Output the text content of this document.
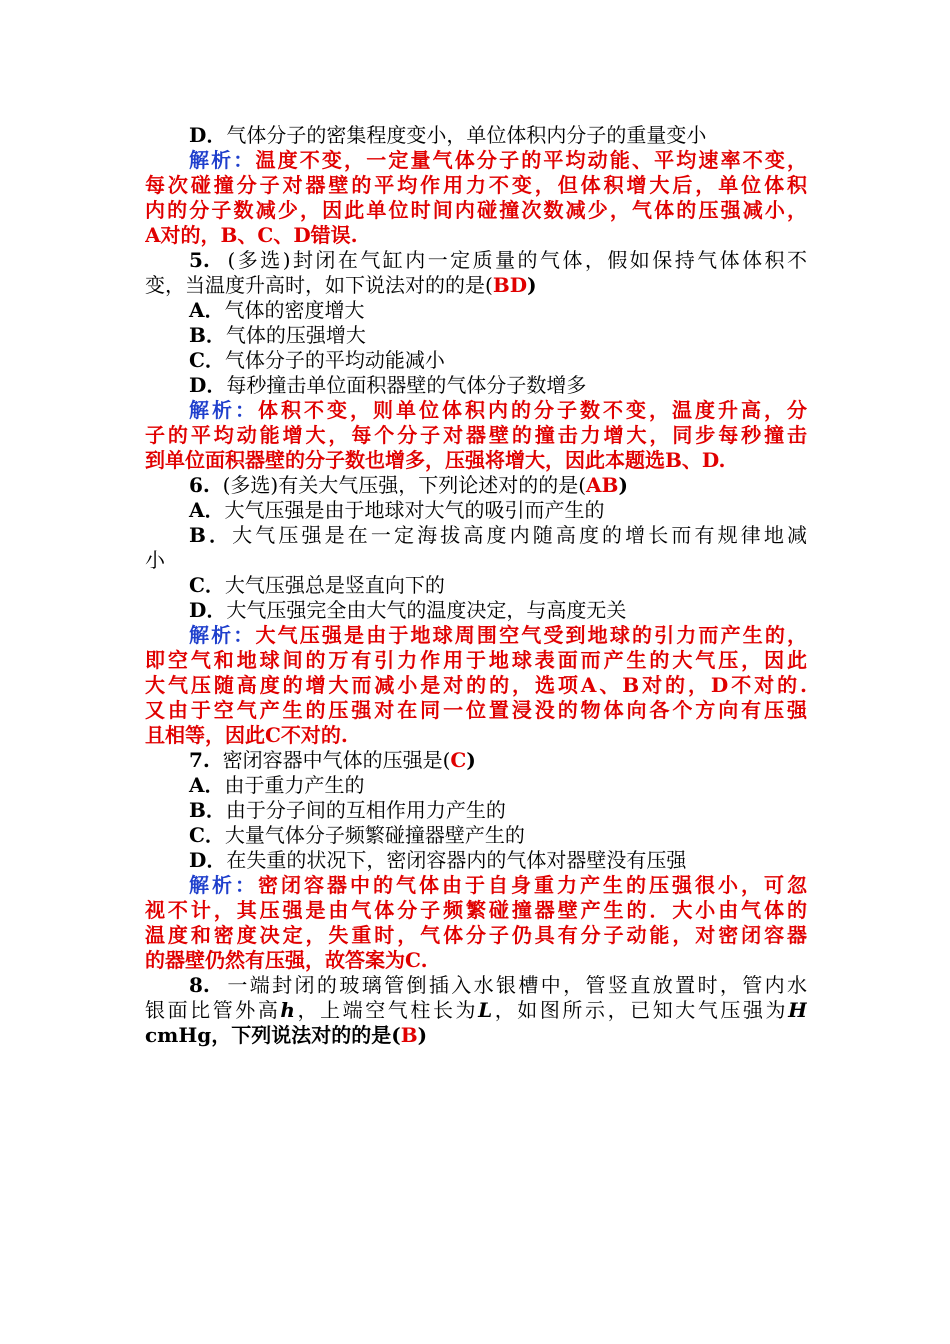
D．气体分子的密集程度变小，单位体积内分子的重量变小
解析：温度不变，一定量气体分子的平均动能、平均速率不变，
每次碰撞分子对器壁的平均作用力不变，但体积增大后，单位体积
内的分子数减少，因此单位时间内碰撞次数减少，气体的压强减小，
A对的，B、C、D错误.
5. (多选)封闭在气缸内一定质量的气体，假如保持气体体积不
变，当温度升高时，如下说法对的的是(BD)
A．气体的密度增大
B．气体的压强增大
C．气体分子的平均动能减小
D．每秒撞击单位面积器壁的气体分子数增多
解析：体积不变，则单位体积内的分子数不变，温度升高，分
子的平均动能增大，每个分子对器壁的撞击力增大，同步每秒撞击
到单位面积器壁的分子数也增多，压强将增大，因此本题选B、D.
6. (多选)有关大气压强，下列论述对的的是(AB)
A．大气压强是由于地球对大气的吸引而产生的
B．大气压强是在一定海拔高度内随高度的增长而有规律地减
小
C．大气压强总是竖直向下的
D．大气压强完全由大气的温度决定，与高度无关
解析：大气压强是由于地球周围空气受到地球的引力而产生的，
即空气和地球间的万有引力作用于地球表面而产生的大气压，因此
大气压随高度的增大而减小是对的的，选项A、B对的，D不对的.
又由于空气产生的压强对在同一位置浸没的物体向各个方向有压强
且相等，因此C不对的.
7. 密闭容器中气体的压强是(C)
A．由于重力产生的
B．由于分子间的互相作用力产生的
C．大量气体分子频繁碰撞器壁产生的
D．在失重的状况下，密闭容器内的气体对器壁没有压强
解析：密闭容器中的气体由于自身重力产生的压强很小，可忽
视不计，其压强是由气体分子频繁碰撞器壁产生的．大小由气体的
温度和密度决定，失重时，气体分子仍具有分子动能，对密闭容器
的器壁仍然有压强，故答案为C.
8. 一端封闭的玻璃管倒插入水银槽中，管竖直放置时，管内水
银面比管外高h，上端空气柱长为L，如图所示，已知大气压强为H
cmHg，下列说法对的的是(B)
